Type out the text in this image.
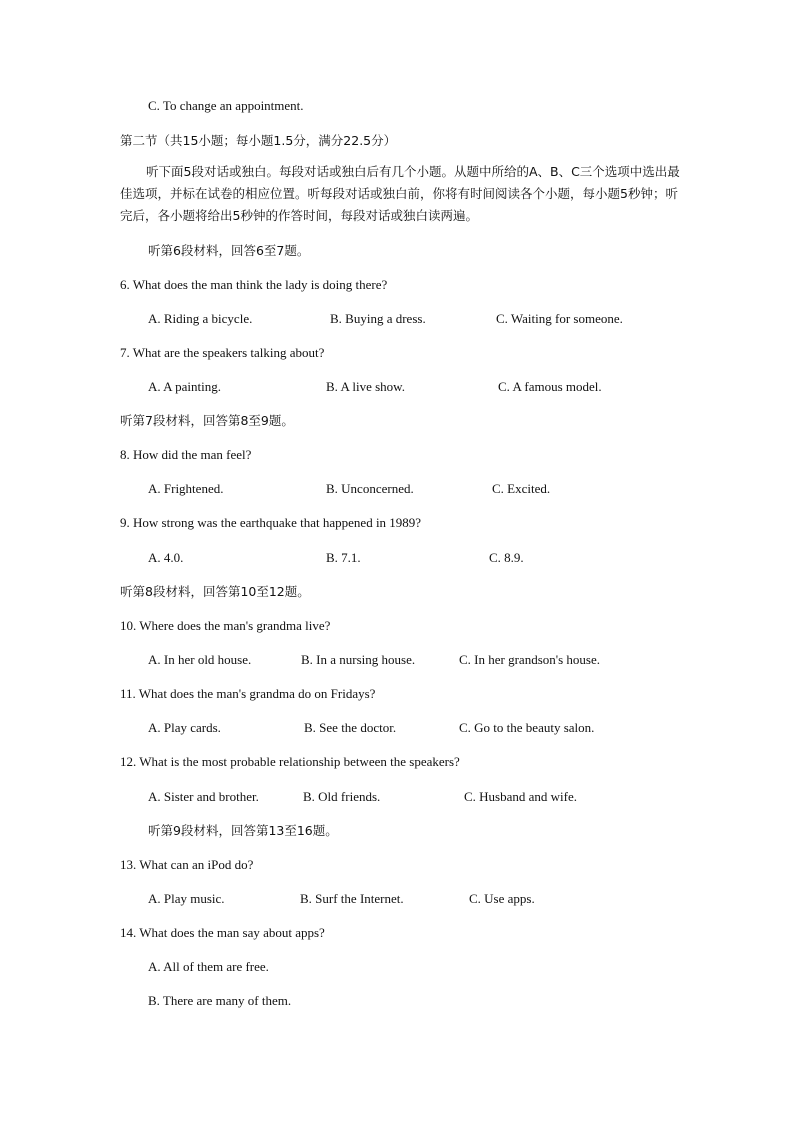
C. To change an appointment.
第二节（共15小题；每小题1.5分，满分22.5分）
听下面5段对话或独白。每段对话或独白后有几个小题。从题中所给的A、B、C三个选项中选出最佳选项，并标在试卷的相应位置。听每段对话或独白前，你将有时间阅读各个小题，每小题5秒钟；听完后，各小题将给出5秒钟的作答时间，每段对话或独白读两遍。
听第6段材料，回答6至7题。
6. What does the man think the lady is doing there?
A. Riding a bicycle.	B. Buying a dress.	C. Waiting for someone.
7. What are the speakers talking about?
A. A painting.	B. A live show.	C. A famous model.
听第7段材料，回答第8至9题。
8. How did the man feel?
A. Frightened.	B. Unconcerned.	C. Excited.
9. How strong was the earthquake that happened in 1989?
A. 4.0.	B. 7.1.	C. 8.9.
听第8段材料，回答第10至12题。
10. Where does the man's grandma live?
A. In her old house.	B. In a nursing house.	C. In her grandson's house.
11. What does the man's grandma do on Fridays?
A. Play cards.	B. See the doctor.	C. Go to the beauty salon.
12. What is the most probable relationship between the speakers?
A. Sister and brother.	B. Old friends.	C. Husband and wife.
听第9段材料，回答第13至16题。
13. What can an iPod do?
A. Play music.	B. Surf the Internet.	C. Use apps.
14. What does the man say about apps?
A. All of them are free.
B. There are many of them.
